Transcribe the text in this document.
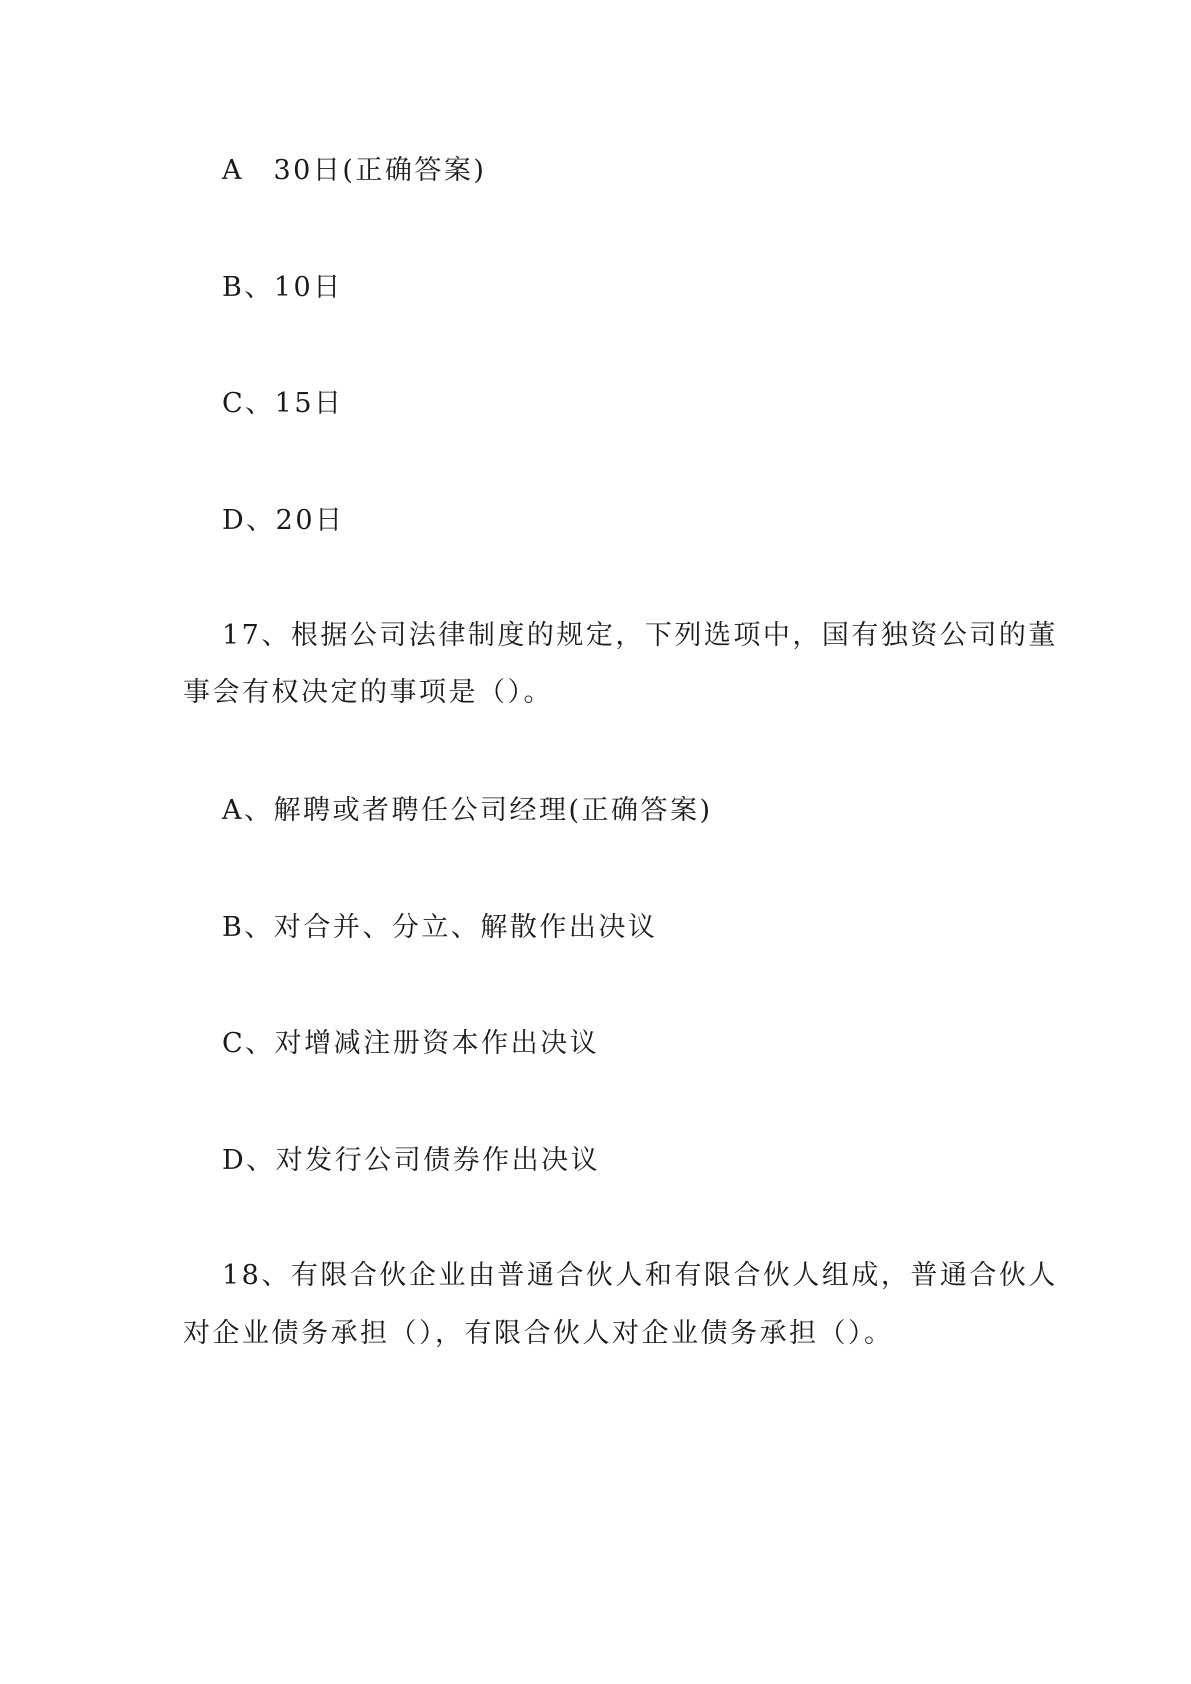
A　30日(正确答案)
B、10日
C、15日
D、20日
17、根据公司法律制度的规定，下列选项中，国有独资公司的董
事会有权决定的事项是（）。
A、解聘或者聘任公司经理(正确答案)
B、对合并、分立、解散作出决议
C、对增减注册资本作出决议
D、对发行公司债券作出决议
18、有限合伙企业由普通合伙人和有限合伙人组成，普通合伙人
对企业债务承担（），有限合伙人对企业债务承担（）。
